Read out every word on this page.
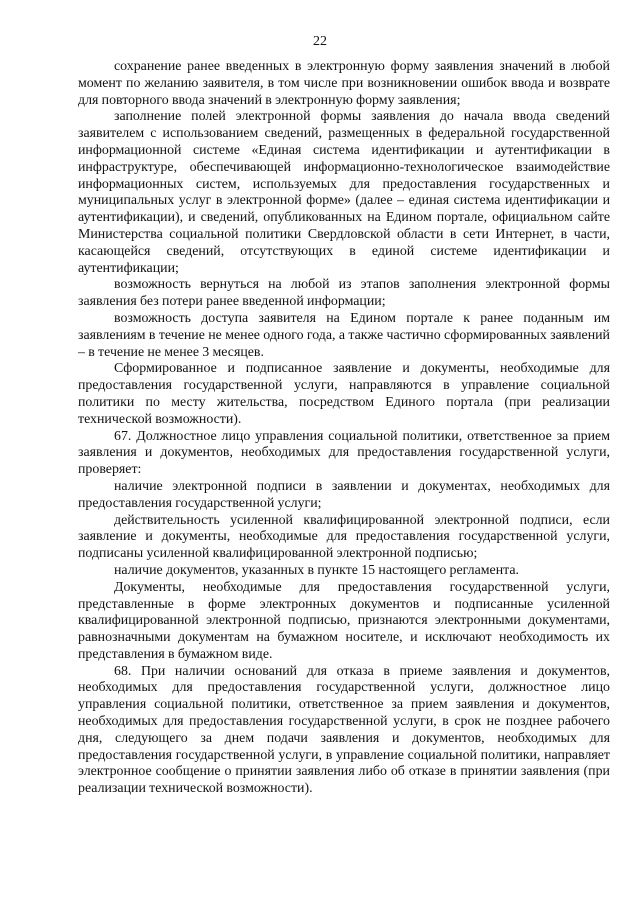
22

сохранение ранее введенных в электронную форму заявления значений в любой момент по желанию заявителя, в том числе при возникновении ошибок ввода и возврате для повторного ввода значений в электронную форму заявления;

заполнение полей электронной формы заявления до начала ввода сведений заявителем с использованием сведений, размещенных в федеральной государственной информационной системе «Единая система идентификации и аутентификации в инфраструктуре, обеспечивающей информационно-технологическое взаимодействие информационных систем, используемых для предоставления государственных и муниципальных услуг в электронной форме» (далее – единая система идентификации и аутентификации), и сведений, опубликованных на Едином портале, официальном сайте Министерства социальной политики Свердловской области в сети Интернет, в части, касающейся сведений, отсутствующих в единой системе идентификации и аутентификации;

возможность вернуться на любой из этапов заполнения электронной формы заявления без потери ранее введенной информации;

возможность доступа заявителя на Едином портале к ранее поданным им заявлениям в течение не менее одного года, а также частично сформированных заявлений – в течение не менее 3 месяцев.

Сформированное и подписанное заявление и документы, необходимые для предоставления государственной услуги, направляются в управление социальной политики по месту жительства, посредством Единого портала (при реализации технической возможности).

67. Должностное лицо управления социальной политики, ответственное за прием заявления и документов, необходимых для предоставления государственной услуги, проверяет:

наличие электронной подписи в заявлении и документах, необходимых для предоставления государственной услуги;

действительность усиленной квалифицированной электронной подписи, если заявление и документы, необходимые для предоставления государственной услуги, подписаны усиленной квалифицированной электронной подписью;

наличие документов, указанных в пункте 15 настоящего регламента.

Документы, необходимые для предоставления государственной услуги, представленные в форме электронных документов и подписанные усиленной квалифицированной электронной подписью, признаются электронными документами, равнозначными документам на бумажном носителе, и исключают необходимость их представления в бумажном виде.

68. При наличии оснований для отказа в приеме заявления и документов, необходимых для предоставления государственной услуги, должностное лицо управления социальной политики, ответственное за прием заявления и документов, необходимых для предоставления государственной услуги, в срок не позднее рабочего дня, следующего за днем подачи заявления и документов, необходимых для предоставления государственной услуги, в управление социальной политики, направляет электронное сообщение о принятии заявления либо об отказе в принятии заявления (при реализации технической возможности).
